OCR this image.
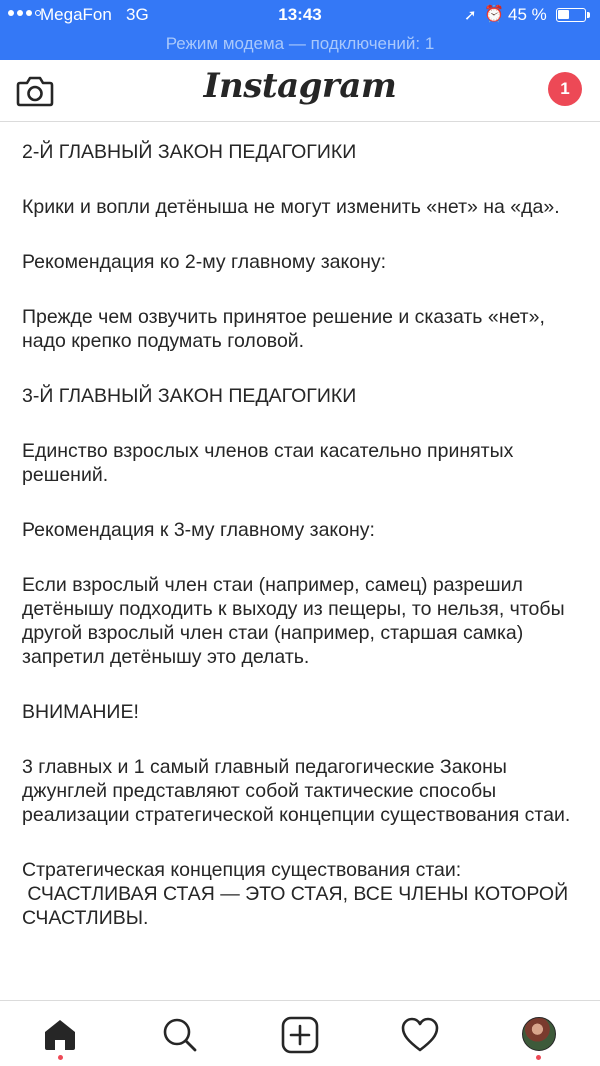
MegaFon 3G	13:43	➚ ⏰ 45 %
Режим модема — подключений: 1
Instagram	1

2-Й ГЛАВНЫЙ ЗАКОН ПЕДАГОГИКИ

Крики и вопли детёныша не могут изменить «нет» на «да».

Рекомендация ко 2-му главному закону:

Прежде чем озвучить принятое решение и сказать «нет», надо крепко подумать головой.

3-Й ГЛАВНЫЙ ЗАКОН ПЕДАГОГИКИ

Единство взрослых членов стаи касательно принятых решений.

Рекомендация к 3-му главному закону:

Если взрослый член стаи (например, самец) разрешил детёнышу подходить к выходу из пещеры, то нельзя, чтобы другой взрослый член стаи (например, старшая самка) запретил детёнышу это делать.

ВНИМАНИЕ!

3 главных и 1 самый главный педагогические Законы джунглей представляют собой тактические способы реализации стратегической концепции существования стаи.

Стратегическая концепция существования стаи:
СЧАСТЛИВАЯ СТАЯ — ЭТО СТАЯ, ВСЕ ЧЛЕНЫ КОТОРОЙ СЧАСТЛИВЫ.
